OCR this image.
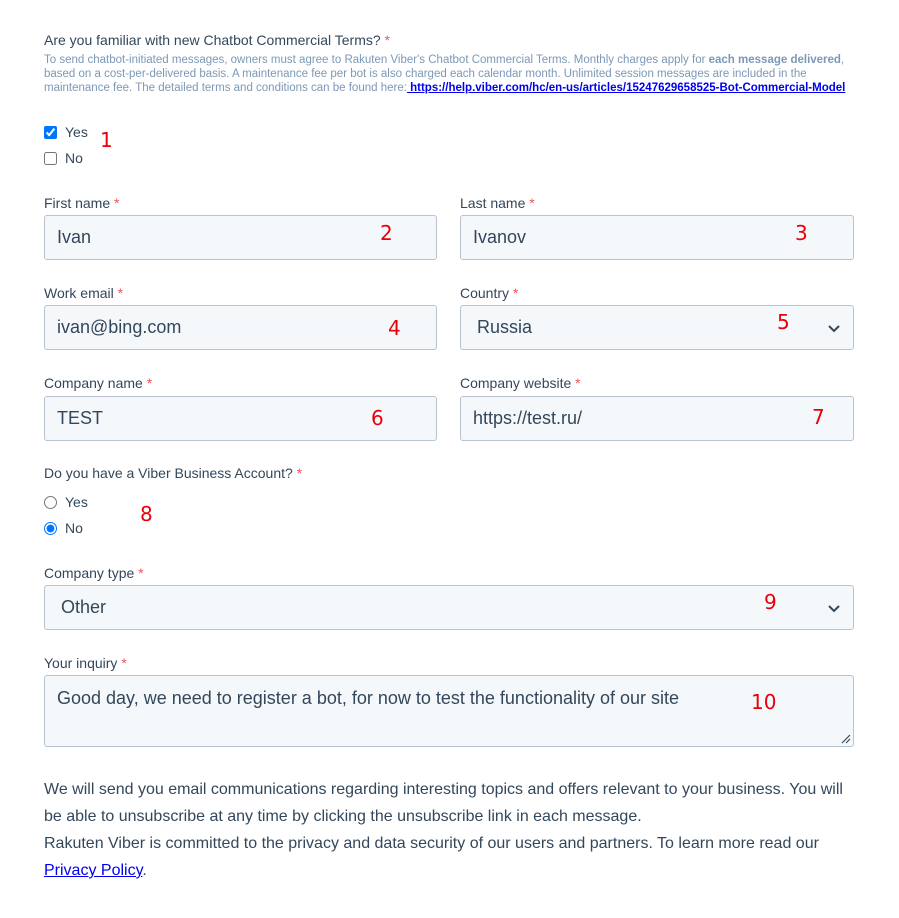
Are you familiar with new Chatbot Commercial Terms? *
To send chatbot-initiated messages, owners must agree to Rakuten Viber's Chatbot Commercial Terms. Monthly charges apply for each message delivered, based on a cost-per-delivered basis. A maintenance fee per bot is also charged each calendar month. Unlimited session messages are included in the maintenance fee. The detailed terms and conditions can be found here: https://help.viber.com/hc/en-us/articles/15247629658525-Bot-Commercial-Model
Yes
No
1
First name *
Ivan	2
Last name *
Ivanov	3
Work email *
ivan@bing.com	4
Country *
Russia	5
Company name *
TEST	6
Company website *
https://test.ru/	7
Do you have a Viber Business Account? *
Yes
No
8
Company type *
Other	9
Your inquiry *
Good day, we need to register a bot, for now to test the functionality of our site	10
We will send you email communications regarding interesting topics and offers relevant to your business. You will be able to unsubscribe at any time by clicking the unsubscribe link in each message.
Rakuten Viber is committed to the privacy and data security of our users and partners. To learn more read our
Privacy Policy.
